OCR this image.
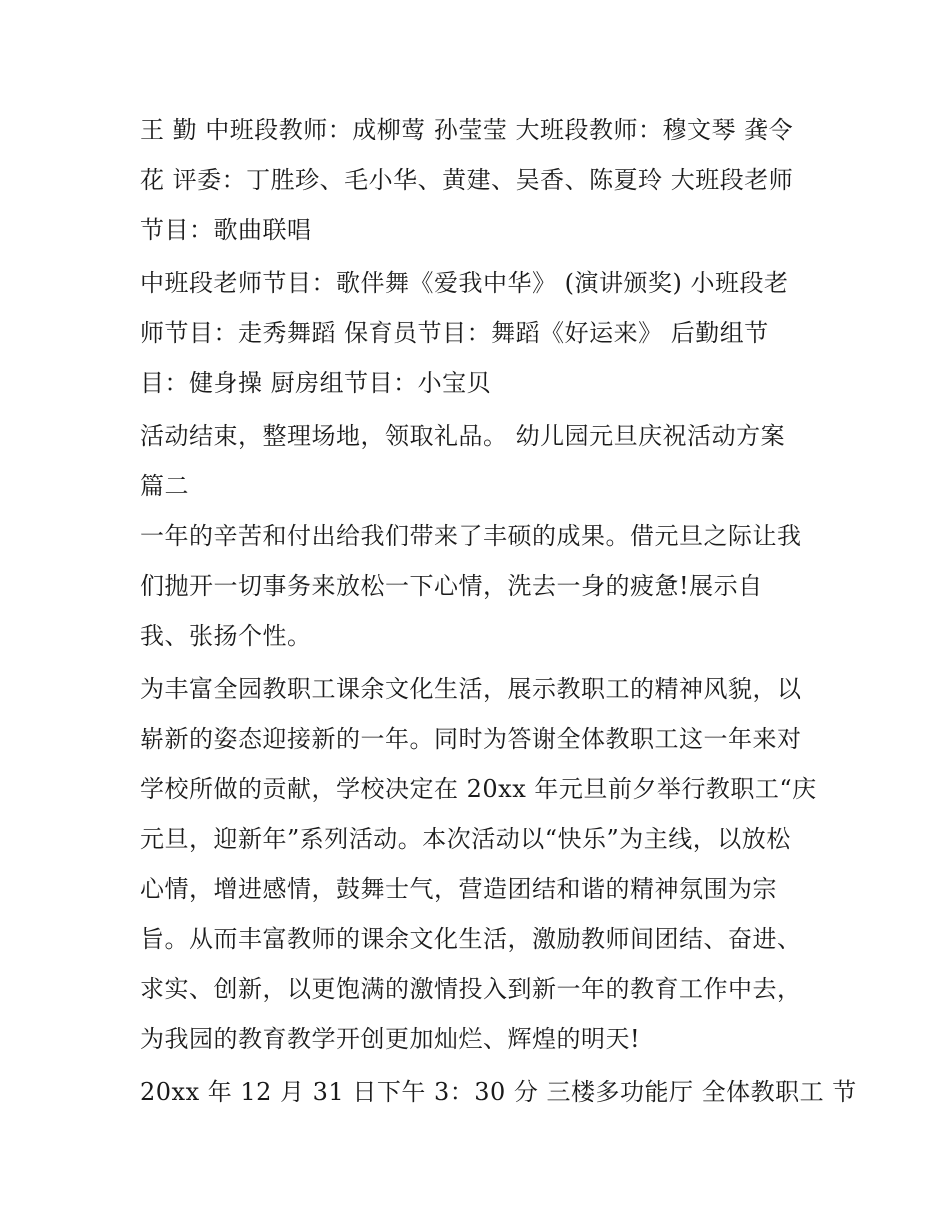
王 勤 中班段教师：成柳莺 孙莹莹 大班段教师：穆文琴 龚令
花 评委：丁胜珍、毛小华、黄建、吴香、陈夏玲 大班段老师
节目：歌曲联唱
中班段老师节目：歌伴舞《爱我中华》 (演讲颁奖) 小班段老
师节目：走秀舞蹈 保育员节目：舞蹈《好运来》 后勤组节
目：健身操 厨房组节目：小宝贝
活动结束，整理场地，领取礼品。 幼儿园元旦庆祝活动方案
篇二
一年的辛苦和付出给我们带来了丰硕的成果。借元旦之际让我
们抛开一切事务来放松一下心情，洗去一身的疲惫!展示自
我、张扬个性。
为丰富全园教职工课余文化生活，展示教职工的精神风貌，以
崭新的姿态迎接新的一年。同时为答谢全体教职工这一年来对
学校所做的贡献，学校决定在 20xx 年元旦前夕举行教职工“庆
元旦，迎新年”系列活动。本次活动以“快乐”为主线，以放松
心情，增进感情，鼓舞士气，营造团结和谐的精神氛围为宗
旨。从而丰富教师的课余文化生活，激励教师间团结、奋进、
求实、创新，以更饱满的激情投入到新一年的教育工作中去，
为我园的教育教学开创更加灿烂、辉煌的明天!
20xx 年 12 月 31 日下午 3：30 分 三楼多功能厅 全体教职工 节
